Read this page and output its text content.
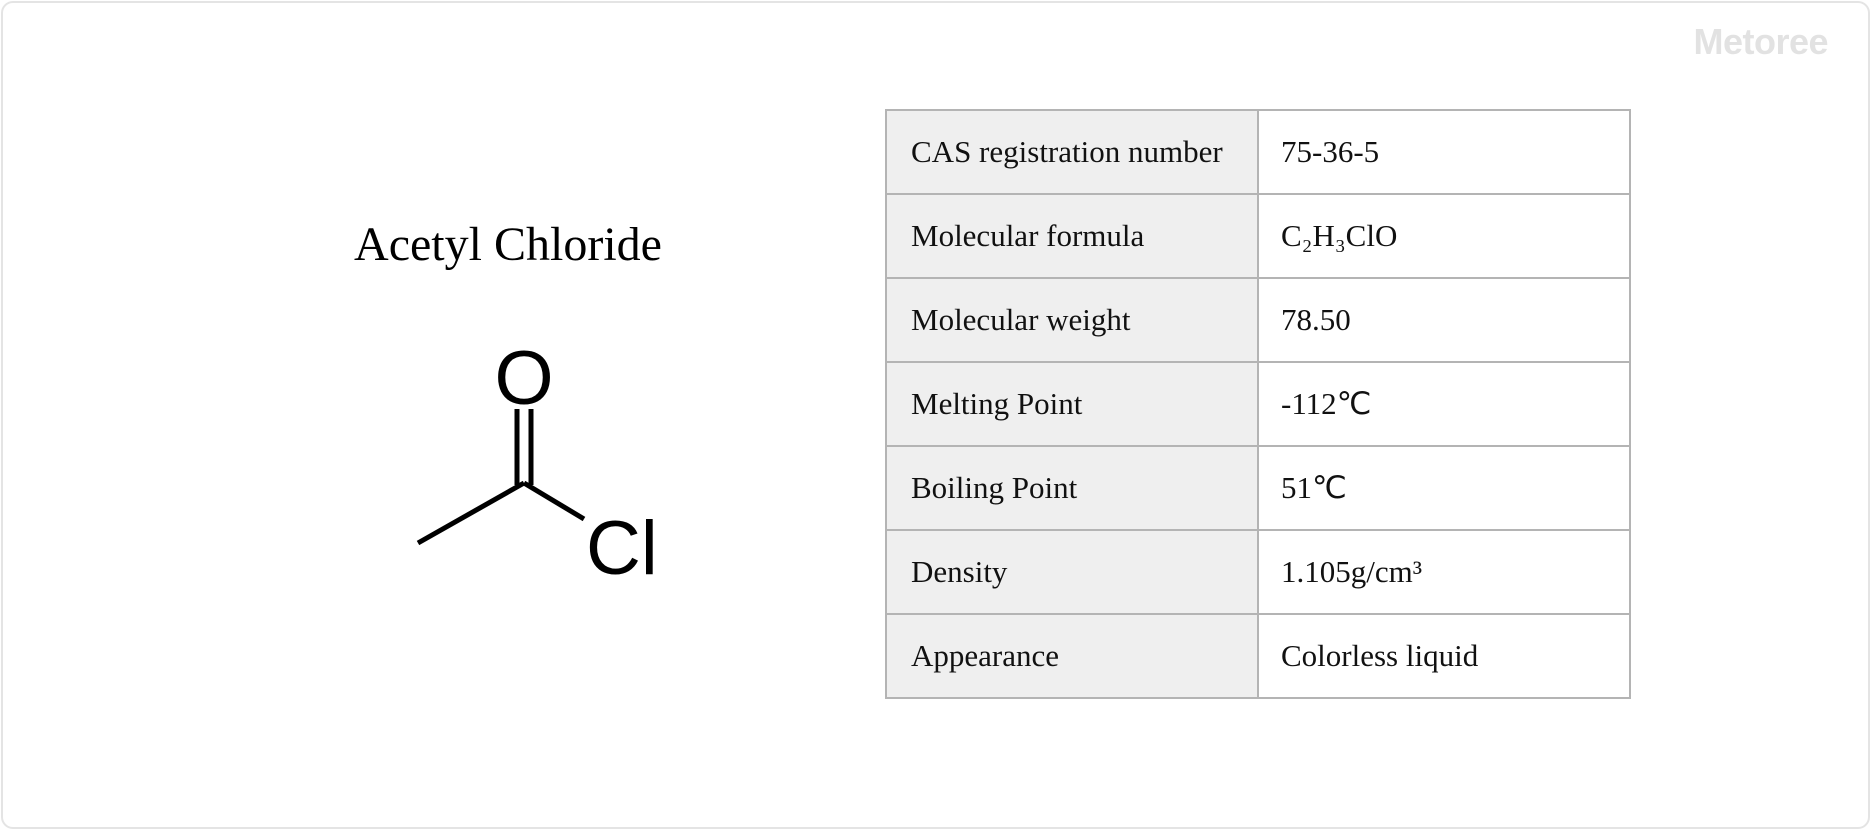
Metoree
Acetyl Chloride
O
Cl
CAS registration number	75-36-5
Molecular formula	C₂H₃ClO
Molecular weight	78.50
Melting Point	-112℃
Boiling Point	51℃
Density	1.105g/cm³
Appearance	Colorless liquid
